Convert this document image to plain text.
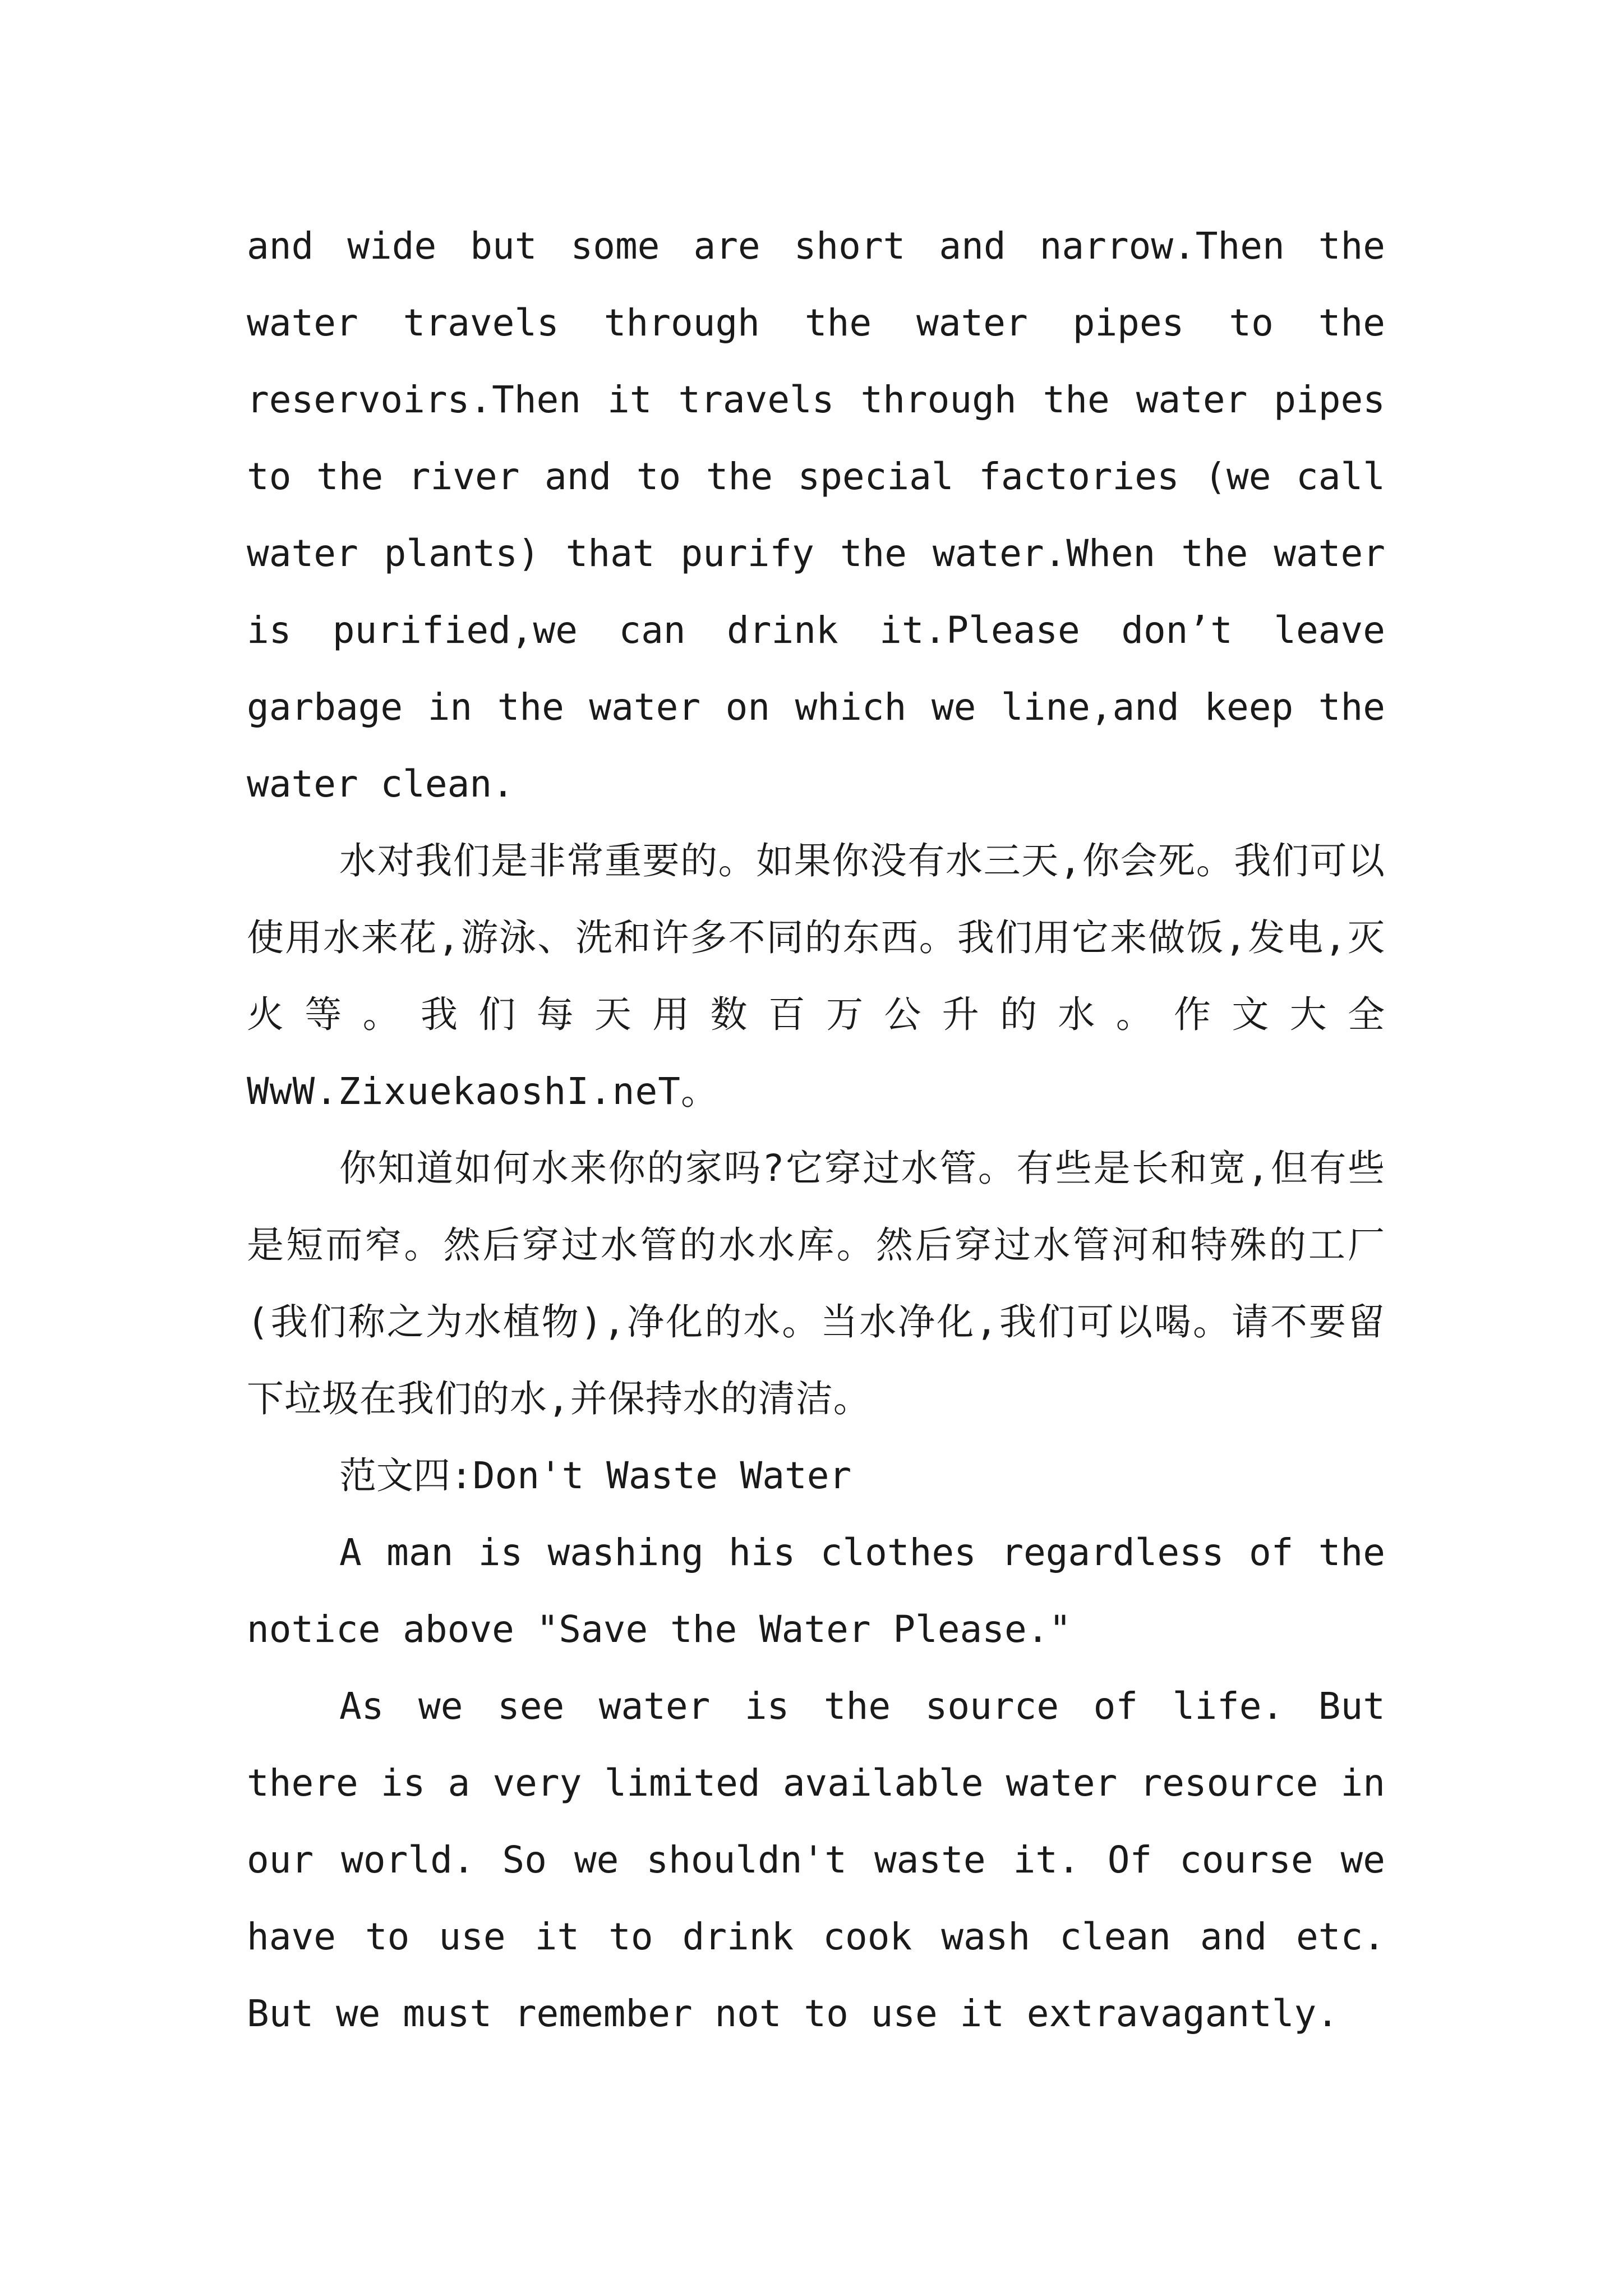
and wide but some are short and narrow.Then the water travels through the water pipes to the reservoirs.Then it travels through the water pipes to the river and to the special factories (we call water plants) that purify the water.When the water is purified,we can drink it.Please don’t leave garbage in the water on which we line,and keep the water clean.

水对我们是非常重要的。如果你没有水三天,你会死。我们可以使用水来花,游泳、洗和许多不同的东西。我们用它来做饭,发电,灭火等。我们每天用数百万公升的水。作文大全 WwW.ZixuekaoshI.neT。

你知道如何水来你的家吗?它穿过水管。有些是长和宽,但有些是短而窄。然后穿过水管的水水库。然后穿过水管河和特殊的工厂(我们称之为水植物),净化的水。当水净化,我们可以喝。请不要留下垃圾在我们的水,并保持水的清洁。

范文四:Don't Waste Water

A man is washing his clothes regardless of the notice above "Save the Water Please."

As we see water is the source of life. But there is a very limited available water resource in our world. So we shouldn't waste it. Of course we have to use it to drink cook wash clean and etc. But we must remember not to use it extravagantly.
